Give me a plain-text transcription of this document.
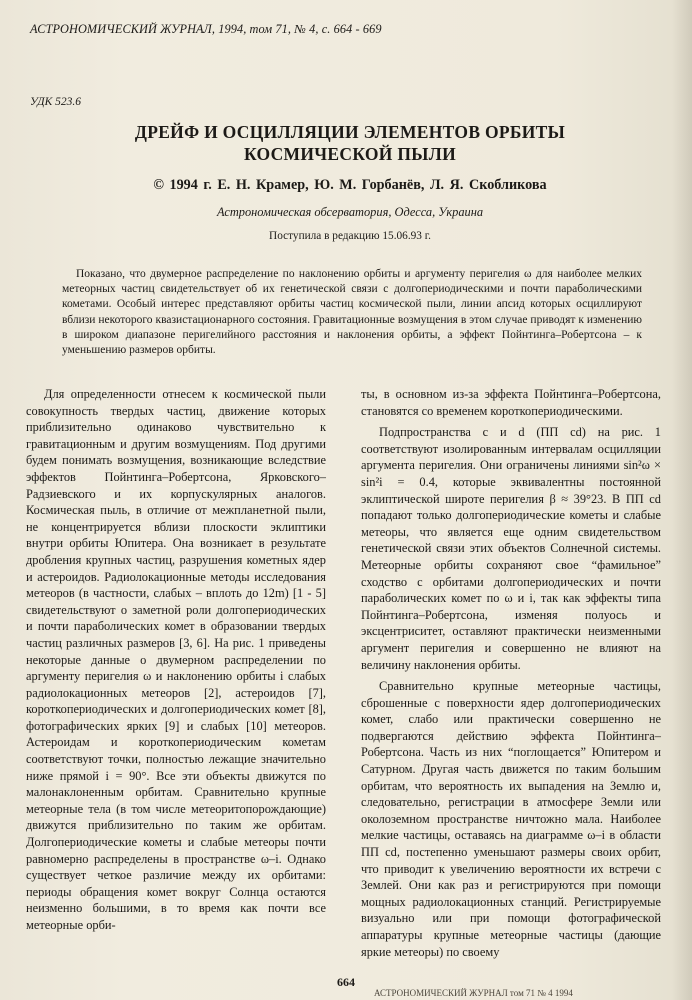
АСТРОНОМИЧЕСКИЙ ЖУРНАЛ, 1994, том 71, № 4, с. 664 - 669
УДК 523.6
ДРЕЙФ И ОСЦИЛЛЯЦИИ ЭЛЕМЕНТОВ ОРБИТЫ
КОСМИЧЕСКОЙ ПЫЛИ
© 1994 г. Е. Н. Крамер, Ю. М. Горбанёв, Л. Я. Скобликова
Астрономическая обсерватория, Одесса, Украина
Поступила в редакцию 15.06.93 г.
Показано, что двумерное распределение по наклонению орбиты и аргументу перигелия ω для наиболее мелких метеорных частиц свидетельствует об их генетической связи с долгопериодическими и почти параболическими кометами. Особый интерес представляют орбиты частиц космической пыли, линии апсид которых осциллируют вблизи некоторого квазистационарного состояния. Гравитационные возмущения в этом случае приводят к изменению в широком диапазоне перигелийного расстояния и наклонения орбиты, а эффект Пойнтинга–Робертсона – к уменьшению размеров орбиты.

Для определенности отнесем к космической пыли совокупность твердых частиц, движение которых приблизительно одинаково чувствительно к гравитационным и другим возмущениям. Под другими будем понимать возмущения, возникающие вследствие эффектов Пойнтинга–Робертсона, Ярковского–Радзиевского и их корпускулярных аналогов. Космическая пыль, в отличие от межпланетной пыли, не концентрируется вблизи плоскости эклиптики внутри орбиты Юпитера. Она возникает в результате дробления крупных частиц, разрушения кометных ядер и астероидов. Радиолокационные методы исследования метеоров (в частности, слабых – вплоть до 12m) [1 - 5] свидетельствуют о заметной роли долгопериодических и почти параболических комет в образовании твердых частиц различных размеров [3, 6]. На рис. 1 приведены некоторые данные о двумерном распределении по аргументу перигелия ω и наклонению орбиты i слабых радиолокационных метеоров [2], астероидов [7], короткопериодических и долгопериодических комет [8], фотографических ярких [9] и слабых [10] метеоров. Астероидам и короткопериодическим кометам соответствуют точки, полностью лежащие значительно ниже прямой i = 90°. Все эти объекты движутся по малонаклоненным орбитам. Сравнительно крупные метеорные тела (в том числе метеоритопорождающие) движутся приблизительно по таким же орбитам. Долгопериодические кометы и слабые метеоры почти равномерно распределены в пространстве ω–i. Однако существует четкое различие между их орбитами: периоды обращения комет вокруг Солнца остаются неизменно большими, в то время как почти все метеорные орби-

ты, в основном из-за эффекта Пойнтинга–Робертсона, становятся со временем короткопериодическими.

Подпространства c и d (ПП cd) на рис. 1 соответствуют изолированным интервалам осцилляции аргумента перигелия. Они ограничены линиями sin²ω × sin²i = 0.4, которые эквивалентны постоянной эклиптической широте перигелия β ≈ 39°23. В ПП cd попадают только долгопериодические кометы и слабые метеоры, что является еще одним свидетельством генетической связи этих объектов Солнечной системы. Метеорные орбиты сохраняют свое “фамильное” сходство с орбитами долгопериодических и почти параболических комет по ω и i, так как эффекты типа Пойнтинга–Робертсона, изменяя полуось и эксцентриситет, оставляют практически неизменными аргумент перигелия и совершенно не влияют на величину наклонения орбиты.

Сравнительно крупные метеорные частицы, сброшенные с поверхности ядер долгопериодических комет, слабо или практически совершенно не подвергаются действию эффекта Пойнтинга–Робертсона. Часть из них “поглощается” Юпитером и Сатурном. Другая часть движется по таким большим орбитам, что вероятность их выпадения на Землю и, следовательно, регистрации в атмосфере Земли или околоземном пространстве ничтожно мала. Наиболее мелкие частицы, оставаясь на диаграмме ω–i в области ПП cd, постепенно уменьшают размеры своих орбит, что приводит к увеличению вероятности их встречи с Землей. Они как раз и регистрируются при помощи мощных радиолокационных станций. Регистрируемые визуально или при помощи фотографической аппаратуры крупные метеорные частицы (дающие яркие метеоры) по своему

664
АСТРОНОМИЧЕСКИЙ ЖУРНАЛ том 71 № 4 1994
